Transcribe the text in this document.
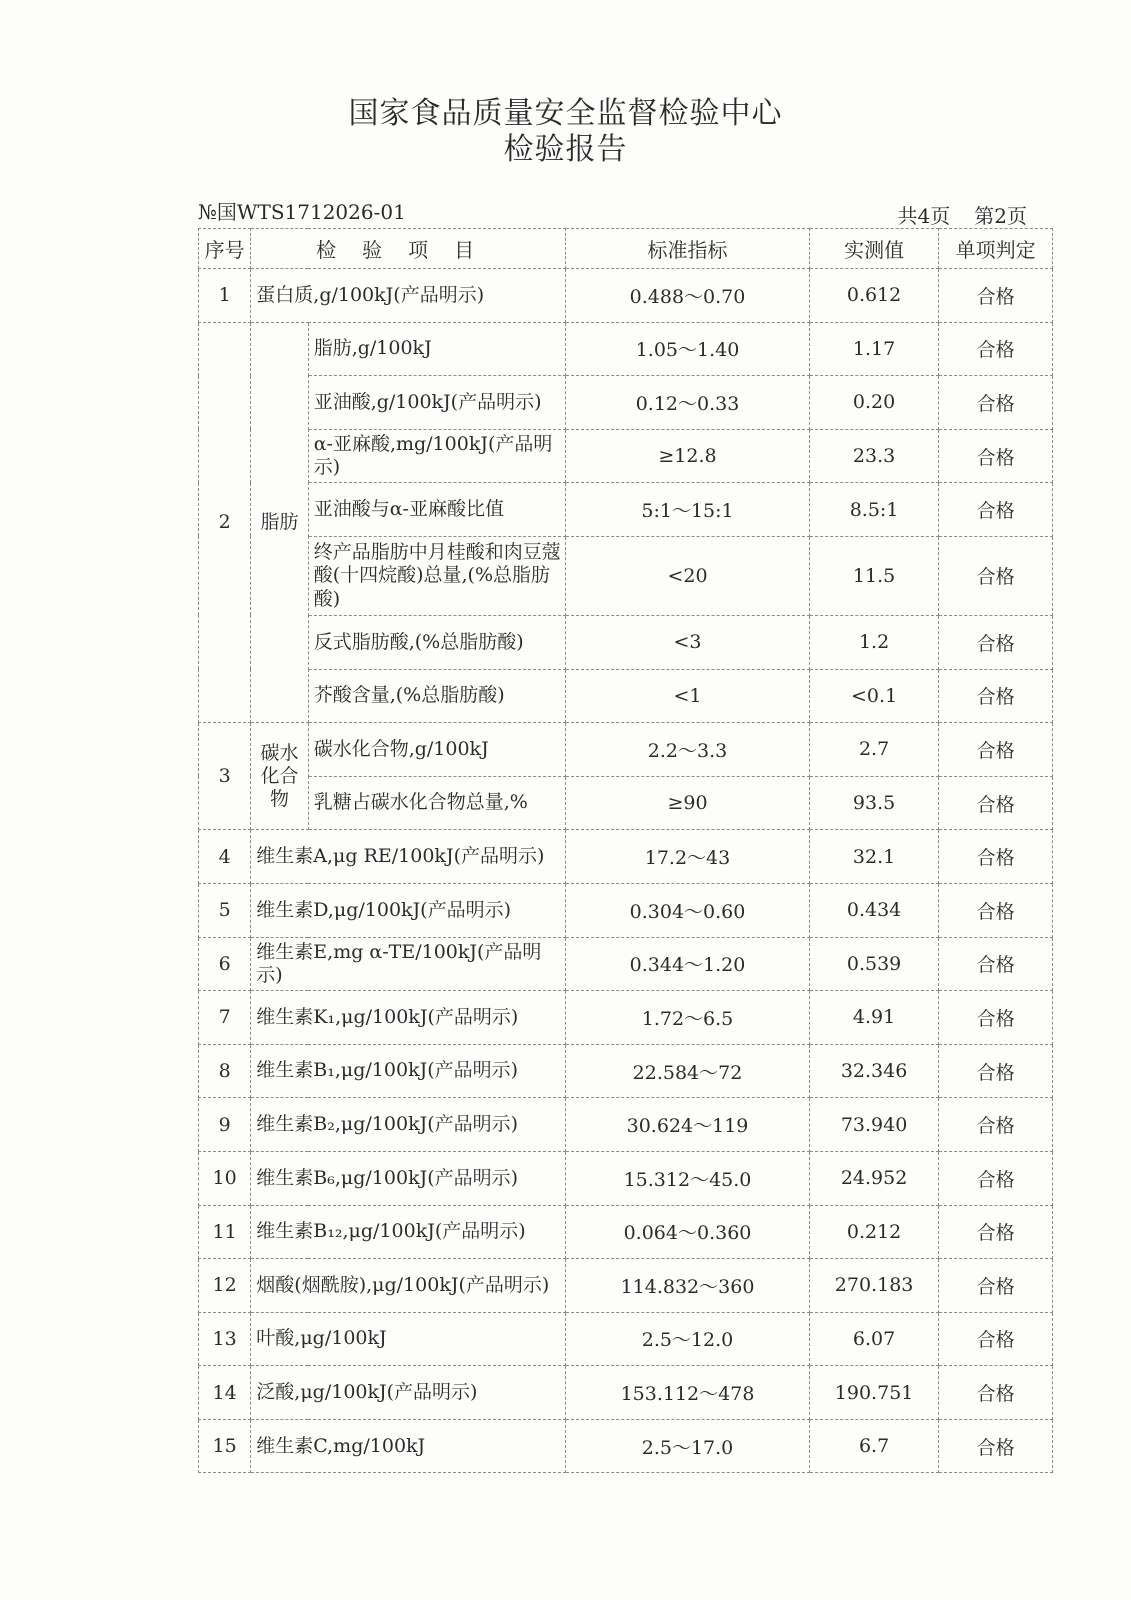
国家食品质量安全监督检验中心
检验报告
№国WTS1712026-01	共4页 第2页
序号	检验项目		标准指标	实测值	单项判定
1	蛋白质,g/100kJ(产品明示)		0.488～0.70	0.612	合格
2	脂肪	脂肪,g/100kJ	1.05～1.40	1.17	合格
		亚油酸,g/100kJ(产品明示)	0.12～0.33	0.20	合格
		α-亚麻酸,mg/100kJ(产品明示)	≥12.8	23.3	合格
		亚油酸与α-亚麻酸比值	5:1～15:1	8.5:1	合格
		终产品脂肪中月桂酸和肉豆蔻酸(十四烷酸)总量,(%总脂肪酸)	<20	11.5	合格
		反式脂肪酸,(%总脂肪酸)	<3	1.2	合格
		芥酸含量,(%总脂肪酸)	<1	<0.1	合格
3	碳水化合物	碳水化合物,g/100kJ	2.2～3.3	2.7	合格
		乳糖占碳水化合物总量,%	≥90	93.5	合格
4	维生素A,μg RE/100kJ(产品明示)		17.2～43	32.1	合格
5	维生素D,μg/100kJ(产品明示)		0.304～0.60	0.434	合格
6	维生素E,mg α-TE/100kJ(产品明示)		0.344～1.20	0.539	合格
7	维生素K₁,μg/100kJ(产品明示)		1.72～6.5	4.91	合格
8	维生素B₁,μg/100kJ(产品明示)		22.584～72	32.346	合格
9	维生素B₂,μg/100kJ(产品明示)		30.624～119	73.940	合格
10	维生素B₆,μg/100kJ(产品明示)		15.312～45.0	24.952	合格
11	维生素B₁₂,μg/100kJ(产品明示)		0.064～0.360	0.212	合格
12	烟酸(烟酰胺),μg/100kJ(产品明示)		114.832～360	270.183	合格
13	叶酸,μg/100kJ		2.5～12.0	6.07	合格
14	泛酸,μg/100kJ(产品明示)		153.112～478	190.751	合格
15	维生素C,mg/100kJ		2.5～17.0	6.7	合格
